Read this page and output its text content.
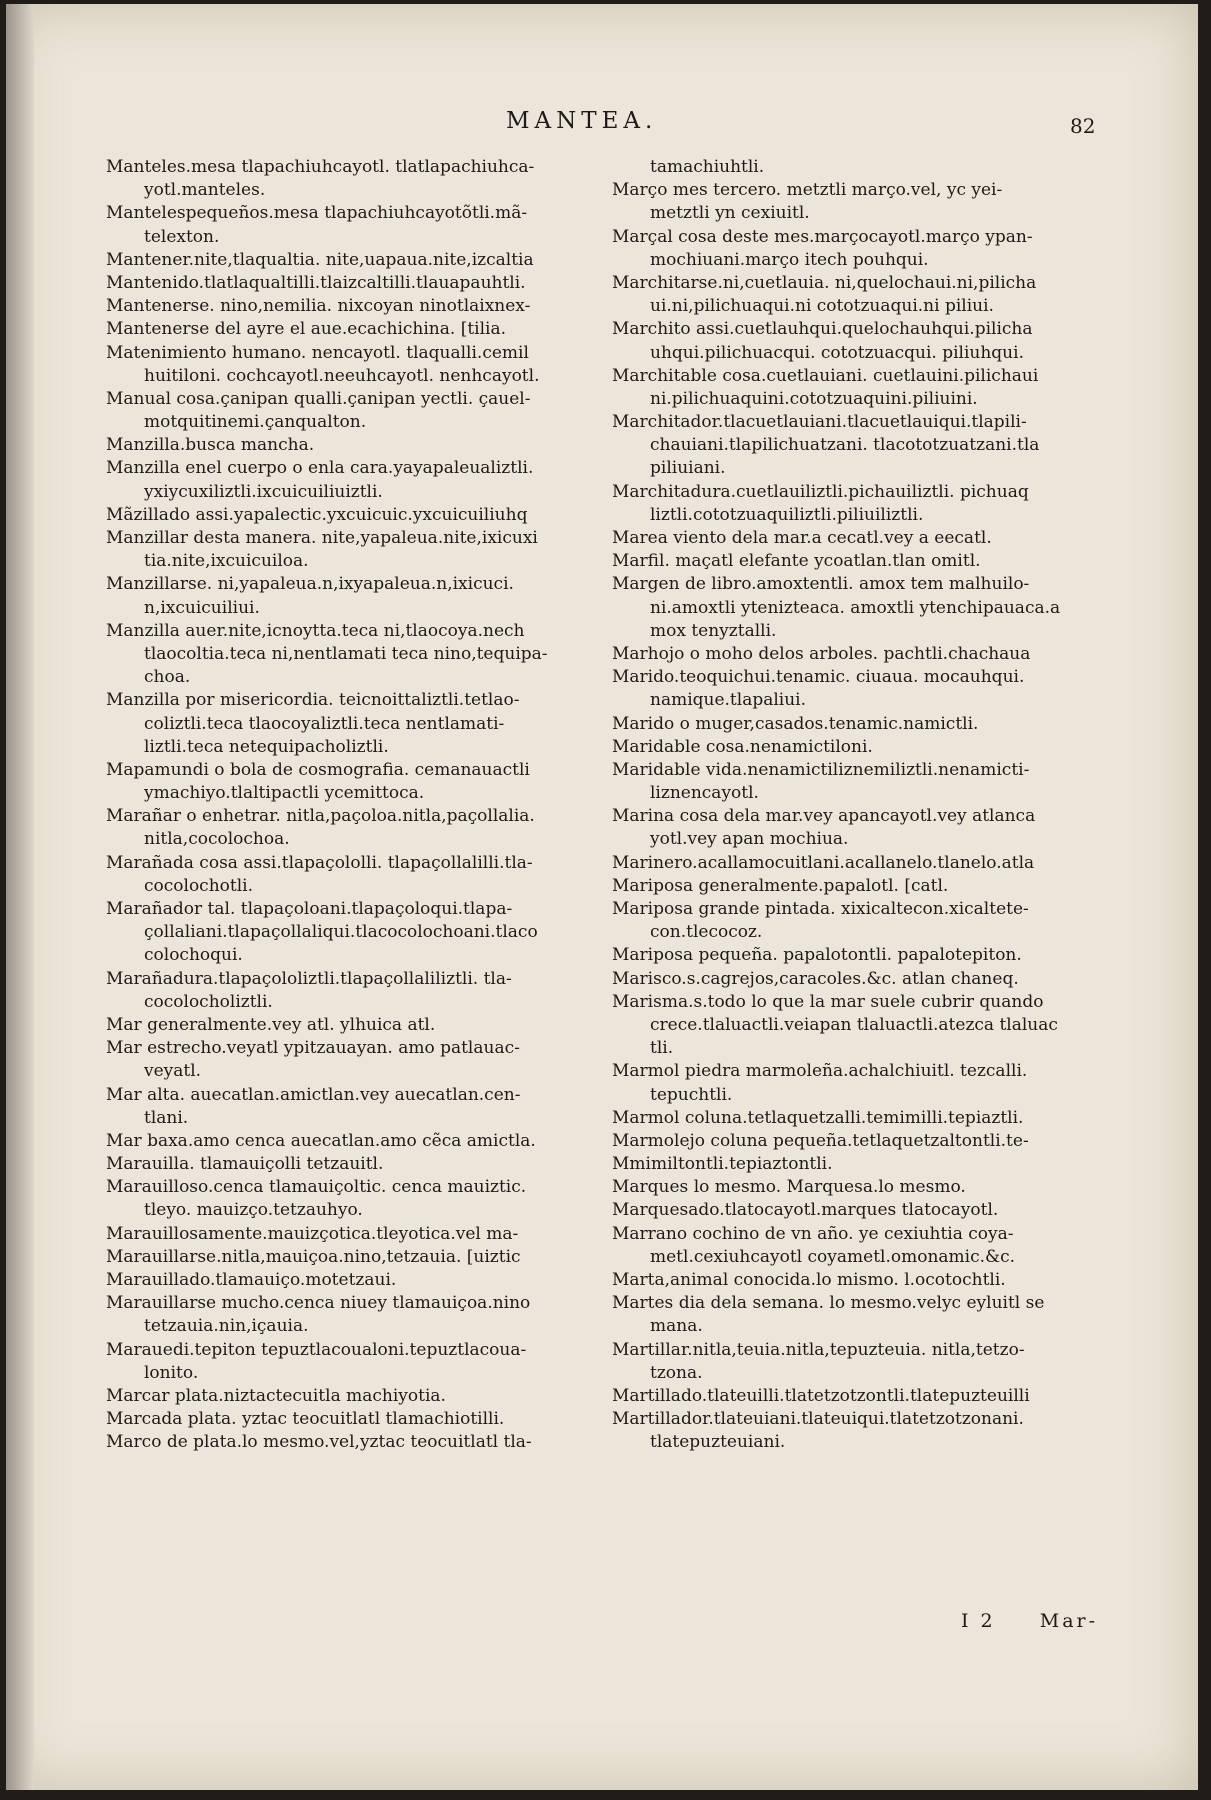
MANTEA.	82
Manteles.mesa tlapachiuhcayotl. tlatlapachiuhca-
yotl.manteles.
Mantelespequeños.mesa tlapachiuhcayotõtli.mã-
telexton.
Mantener.nite,tlaqualtia. nite,uapaua.nite,izcaltia
Mantenido.tlatlaqualtilli.tlaizcaltilli.tlauapauhtli.
Mantenerse. nino,nemilia. nixcoyan ninotlaixnex-
Mantenerse del ayre el aue.ecachichina. [tilia.
Matenimiento humano. nencayotl. tlaqualli.cemil
huitiloni. cochcayotl.neeuhcayotl. nenhcayotl.
Manual cosa.çanipan qualli.çanipan yectli. çauel-
motquitinemi.çanqualton.
Manzilla.busca mancha.
Manzilla enel cuerpo o enla cara.yayapaleualiztli.
yxiycuxiliztli.ixcuicuiliuiztli.
Mãzillado assi.yapalectic.yxcuicuic.yxcuicuiliuhq
Manzillar desta manera. nite,yapaleua.nite,ixicuxi
tia.nite,ixcuicuiloa.
Manzillarse. ni,yapaleua.n,ixyapaleua.n,ixicuci.
n,ixcuicuiliui.
Manzilla auer.nite,icnoytta.teca ni,tlaocoya.nech
tlaocoltia.teca ni,nentlamati teca nino,tequipa-
choa.
Manzilla por misericordia. teicnoittaliztli.tetlao-
coliztli.teca tlaocoyaliztli.teca nentlamati-
liztli.teca netequipacholiztli.
Mapamundi o bola de cosmografia. cemanauactli
ymachiyo.tlaltipactli ycemittoca.
Marañar o enhetrar. nitla,paçoloa.nitla,paçollalia.
nitla,cocolochoa.
Marañada cosa assi.tlapaçololli. tlapaçollalilli.tla-
cocolochotli.
Marañador tal. tlapaçoloani.tlapaçoloqui.tlapa-
çollaliani.tlapaçollaliqui.tlacocolochoani.tlaco
colochoqui.
Marañadura.tlapaçololiztli.tlapaçollaliliztli. tla-
cocolocholiztli.
Mar generalmente.vey atl. ylhuica atl.
Mar estrecho.veyatl ypitzauayan. amo patlauac-
veyatl.
Mar alta. auecatlan.amictlan.vey auecatlan.cen-
tlani.
Mar baxa.amo cenca auecatlan.amo cẽca amictla.
Marauilla. tlamauiçolli tetzauitl.
Marauilloso.cenca tlamauiçoltic. cenca mauiztic.
tleyo. mauizço.tetzauhyo.
Marauillosamente.mauizçotica.tleyotica.vel ma-
Marauillarse.nitla,mauiçoa.nino,tetzauia. [uiztic
Marauillado.tlamauiço.motetzaui.
Marauillarse mucho.cenca niuey tlamauiçoa.nino
tetzauia.nin,içauia.
Marauedi.tepiton tepuztlacoualoni.tepuztlacoua-
lonito.
Marcar plata.niztactecuitla machiyotia.
Marcada plata. yztac teocuitlatl tlamachiotilli.
Marco de plata.lo mesmo.vel,yztac teocuitlatl tla-
tamachiuhtli.
Março mes tercero. metztli março.vel, yc yei-
metztli yn cexiuitl.
Marçal cosa deste mes.marçocayotl.março ypan-
mochiuani.março itech pouhqui.
Marchitarse.ni,cuetlauia. ni,quelochaui.ni,pilicha
ui.ni,pilichuaqui.ni cototzuaqui.ni piliui.
Marchito assi.cuetlauhqui.quelochauhqui.pilicha
uhqui.pilichuacqui. cototzuacqui. piliuhqui.
Marchitable cosa.cuetlauiani. cuetlauini.pilichaui
ni.pilichuaquini.cototzuaquini.piliuini.
Marchitador.tlacuetlauiani.tlacuetlauiqui.tlapili-
chauiani.tlapilichuatzani. tlacototzuatzani.tla
piliuiani.
Marchitadura.cuetlauiliztli.pichauiliztli. pichuaq
liztli.cototzuaquiliztli.piliuiliztli.
Marea viento dela mar.a cecatl.vey a eecatl.
Marfil. maçatl elefante ycoatlan.tlan omitl.
Margen de libro.amoxtentli. amox tem malhuilo-
ni.amoxtli ytenizteaca. amoxtli ytenchipauaca.a
mox tenyztalli.
Marhojo o moho delos arboles. pachtli.chachaua
Marido.teoquichui.tenamic. ciuaua. mocauhqui.
namique.tlapaliui.
Marido o muger,casados.tenamic.namictli.
Maridable cosa.nenamictiloni.
Maridable vida.nenamictiliznemiliztli.nenamicti-
liznencayotl.
Marina cosa dela mar.vey apancayotl.vey atlanca
yotl.vey apan mochiua.
Marinero.acallamocuitlani.acallanelo.tlanelo.atla
Mariposa generalmente.papalotl. [catl.
Mariposa grande pintada. xixicaltecon.xicaltete-
con.tlecocoz.
Mariposa pequeña. papalotontli. papalotepiton.
Marisco.s.cagrejos,caracoles.&c. atlan chaneq.
Marisma.s.todo lo que la mar suele cubrir quando
crece.tlaluactli.veiapan tlaluactli.atezca tlaluac
tli.
Marmol piedra marmoleña.achalchiuitl. tezcalli.
tepuchtli.
Marmol coluna.tetlaquetzalli.temimilli.tepiaztli.
Marmolejo coluna pequeña.tetlaquetzaltontli.te-
Mmimiltontli.tepiaztontli.
Marques lo mesmo. Marquesa.lo mesmo.
Marquesado.tlatocayotl.marques tlatocayotl.
Marrano cochino de vn año. ye cexiuhtia coya-
metl.cexiuhcayotl coyametl.omonamic.&c.
Marta,animal conocida.lo mismo. l.ocotochtli.
Martes dia dela semana. lo mesmo.velyc eyluitl se
mana.
Martillar.nitla,teuia.nitla,tepuzteuia. nitla,tetzo-
tzona.
Martillado.tlateuilli.tlatetzotzontli.tlatepuzteuilli
Martillador.tlateuiani.tlateuiqui.tlatetzotzonani.
tlatepuzteuiani.
I 2 Mar-
